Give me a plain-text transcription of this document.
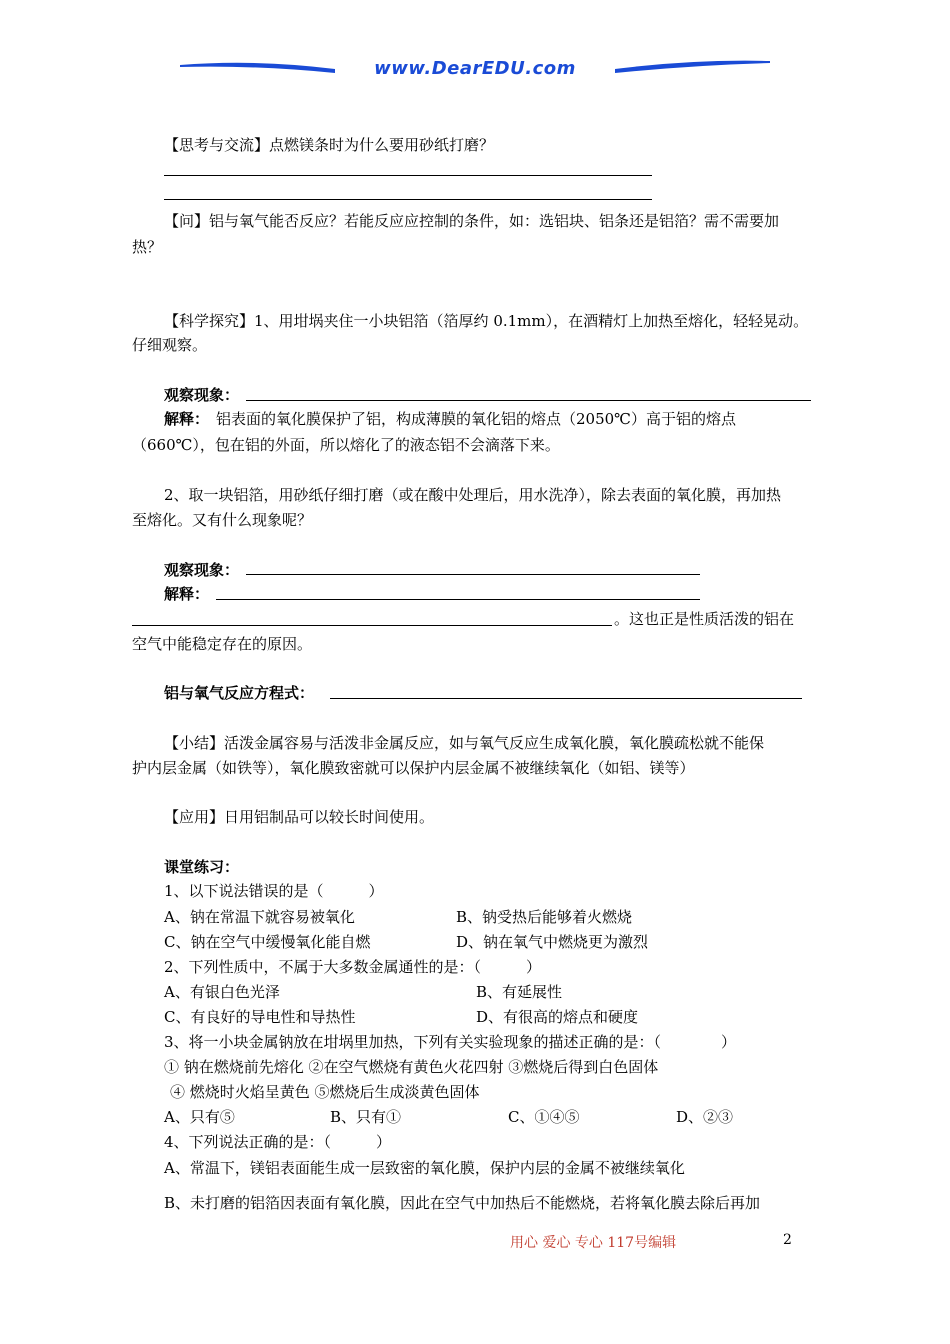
www.DearEDU.com
【思考与交流】点燃镁条时为什么要用砂纸打磨？
【问】铝与氧气能否反应？若能反应应控制的条件，如：选铝块、铝条还是铝箔？需不需要加
热？
【科学探究】1、用坩埚夹住一小块铝箔（箔厚约 0.1mm），在酒精灯上加热至熔化，轻轻晃动。
仔细观察。
观察现象：
解释： 铝表面的氧化膜保护了铝，构成薄膜的氧化铝的熔点（2050℃）高于铝的熔点
（660℃），包在铝的外面，所以熔化了的液态铝不会滴落下来。
2、取一块铝箔，用砂纸仔细打磨（或在酸中处理后，用水洗净），除去表面的氧化膜，再加热
至熔化。又有什么现象呢？
观察现象：
解释：
。这也正是性质活泼的铝在
空气中能稳定存在的原因。
铝与氧气反应方程式：
【小结】活泼金属容易与活泼非金属反应，如与氧气反应生成氧化膜，氧化膜疏松就不能保
护内层金属（如铁等），氧化膜致密就可以保护内层金属不被继续氧化（如铝、镁等）
【应用】日用铝制品可以较长时间使用。
课堂练习：
1、以下说法错误的是（　　　）
A、钠在常温下就容易被氧化	B、钠受热后能够着火燃烧
C、钠在空气中缓慢氧化能自燃	D、钠在氧气中燃烧更为激烈
2、下列性质中，不属于大多数金属通性的是：（　　　）
A、有银白色光泽	B、有延展性
C、有良好的导电性和导热性	D、有很高的熔点和硬度
3、将一小块金属钠放在坩埚里加热，下列有关实验现象的描述正确的是：（　　　　）
① 钠在燃烧前先熔化 ②在空气燃烧有黄色火花四射 ③燃烧后得到白色固体
④ 燃烧时火焰呈黄色 ⑤燃烧后生成淡黄色固体
A、只有⑤	B、只有①	C、①④⑤	D、②③
4、下列说法正确的是：（　　　）
A、常温下，镁铝表面能生成一层致密的氧化膜，保护内层的金属不被继续氧化
B、未打磨的铝箔因表面有氧化膜，因此在空气中加热后不能燃烧，若将氧化膜去除后再加
用心 爱心 专心 117号编辑	2
